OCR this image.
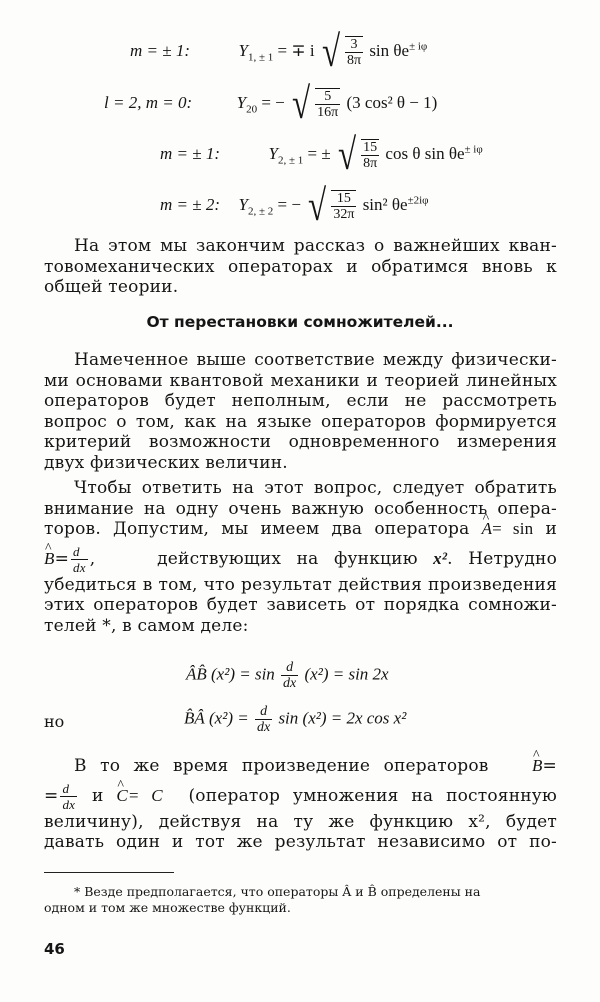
m = ± 1:	$Y_{1, \pm 1}$ = ∓ i √ $\frac{3}{8\pi}$ $\sin \theta e^{\pm i\varphi}$
l = 2, m = 0:	$Y_{20}$ = − √ $\frac{5}{16\pi} (3$ cos² θ − 1)
m = ± 1:	$Y_{2, \pm 1}$ = ± √ $\frac{15}{8\pi}$ cos θ $\sin \theta e^{\pm i\varphi}$
m = ± 2: $Y_{2, \pm 2}$ = − √ $\frac{15}{32\pi} \sin^2$ $\theta e^{\pm 2i\varphi}$

На этом мы закончим рассказ о важнейших кван-
товомеханических операторах и обратимся вновь к
общей теории.

От перестановки сомножителей...

Намеченное выше соответствие между физически-
ми основами квантовой механики и теорией линейных
операторов будет неполным, если не рассмотреть
вопрос о том, как на языке операторов формируется
критерий возможности одновременного измерения
двух физических величин.

Чтобы ответить на этот вопрос, следует обратить
внимание на одну очень важную особенность опера-
торов. Допустим, мы имеем два оператора ^ A= sin и
^ $B= \frac{d}{dx}$ ,	действующих на функцию x². Нетрудно
убедиться в том, что результат действия произведения
этих операторов будет зависеть от порядка сомножи-
телей *, в самом деле:
ÂB̂ $(x^2) = \sin \frac{d}{dx} (x^2) = \sin 2x$
но	B̂Â $(x^2) = \frac{d}{dx}$ sin (x²) = 2x cos x²
В то же время произведение операторов	^ B=
= $\frac{d}{dx}$ и ^ C= C (оператор умножения на постоянную
величину), действуя на ту же функцию x², будет
давать один и тот же результат независимо от по-

* Везде предполагается, что операторы Â и B̂ определены на
одном и том же множестве функций.

46
